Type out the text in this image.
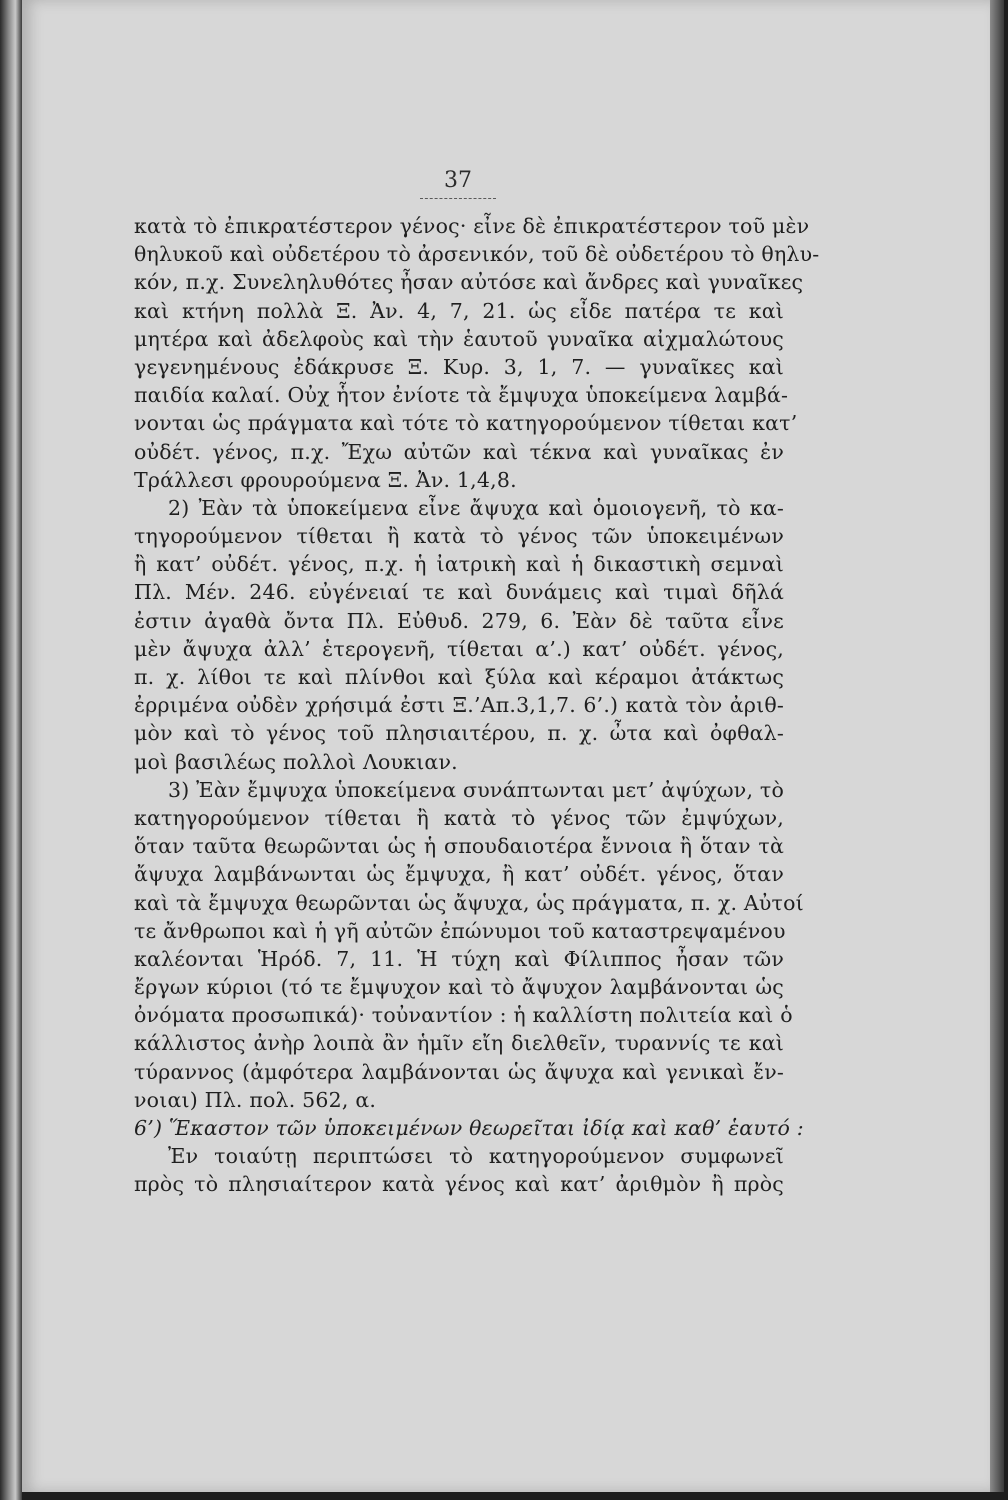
37
κατὰ τὸ ἐπικρατέστερον γένος· εἶνε δὲ ἐπικρατέστερον τοῦ μὲν
θηλυκοῦ καὶ οὐδετέρου τὸ ἀρσενικόν, τοῦ δὲ οὐδετέρου τὸ θηλυ-
κόν, π.χ. Συνεληλυθότες ἦσαν αὐτόσε καὶ ἄνδρες καὶ γυναῖκες
καὶ κτήνη πολλὰ Ξ. Ἀν. 4, 7, 21. ὡς εἶδε πατέρα τε καὶ
μητέρα καὶ ἀδελφοὺς καὶ τὴν ἑαυτοῦ γυναῖκα αἰχμαλώτους
γεγενημένους ἐδάκρυσε Ξ. Κυρ. 3, 1, 7. — γυναῖκες καὶ
παιδία καλαί. Οὐχ ἧτον ἐνίοτε τὰ ἔμψυχα ὑποκείμενα λαμβά-
νονται ὡς πράγματα καὶ τότε τὸ κατηγορούμενον τίθεται κατ’
οὐδέτ. γένος, π.χ. Ἔχω αὐτῶν καὶ τέκνα καὶ γυναῖκας ἐν
Τράλλεσι φρουρούμενα Ξ. Ἀν. 1,4,8.
2) Ἐὰν τὰ ὑποκείμενα εἶνε ἄψυχα καὶ ὁμοιογενῆ, τὸ κα-
τηγορούμενον τίθεται ἢ κατὰ τὸ γένος τῶν ὑποκειμένων
ἢ κατ’ οὐδέτ. γένος, π.χ. ἡ ἰατρικὴ καὶ ἡ δικαστικὴ σεμναὶ
Πλ. Μέν. 246. εὐγένειαί τε καὶ δυνάμεις καὶ τιμαὶ δῆλά
ἐστιν ἀγαθὰ ὄντα Πλ. Εὐθυδ. 279, 6. Ἐὰν δὲ ταῦτα εἶνε
μὲν ἄψυχα ἀλλ’ ἑτερογενῆ, τίθεται α’.) κατ’ οὐδέτ. γένος,
π. χ. λίθοι τε καὶ πλίνθοι καὶ ξύλα καὶ κέραμοι ἀτάκτως
ἐρριμένα οὐδὲν χρήσιμά ἐστι Ξ.’Απ.3,1,7. 6’.) κατὰ τὸν ἀριθ-
μὸν καὶ τὸ γένος τοῦ πλησιαιτέρου, π. χ. ὦτα καὶ ὀφθαλ-
μοὶ βασιλέως πολλοὶ Λουκιαν.
3) Ἐὰν ἔμψυχα ὑποκείμενα συνάπτωνται μετ’ ἀψύχων, τὸ
κατηγορούμενον τίθεται ἢ κατὰ τὸ γένος τῶν ἐμψύχων,
ὅταν ταῦτα θεωρῶνται ὡς ἡ σπουδαιοτέρα ἔννοια ἢ ὅταν τὰ
ἄψυχα λαμβάνωνται ὡς ἔμψυχα, ἢ κατ’ οὐδέτ. γένος, ὅταν
καὶ τὰ ἔμψυχα θεωρῶνται ὡς ἄψυχα, ὡς πράγματα, π. χ. Αὐτοί
τε ἄνθρωποι καὶ ἡ γῆ αὐτῶν ἐπώνυμοι τοῦ καταστρεψαμένου
καλέονται Ἡρόδ. 7, 11. Ἡ τύχη καὶ Φίλιππος ἦσαν τῶν
ἔργων κύριοι (τό τε ἔμψυχον καὶ τὸ ἄψυχον λαμβάνονται ὡς
ὀνόματα προσωπικά)· τοὐναντίον : ἡ καλλίστη πολιτεία καὶ ὁ
κάλλιστος ἀνὴρ λοιπὰ ἂν ἡμῖν εἴη διελθεῖν, τυραννίς τε καὶ
τύραννος (ἀμφότερα λαμβάνονται ὡς ἄψυχα καὶ γενικαὶ ἔν-
νοιαι) Πλ. πολ. 562, α.
6’) Ἕκαστον τῶν ὑποκειμένων θεωρεῖται ἰδίᾳ καὶ καθ’ ἑαυτό :
Ἐν τοιαύτῃ περιπτώσει τὸ κατηγορούμενον συμφωνεῖ
πρὸς τὸ πλησιαίτερον κατὰ γένος καὶ κατ’ ἀριθμὸν ἢ πρὸς
